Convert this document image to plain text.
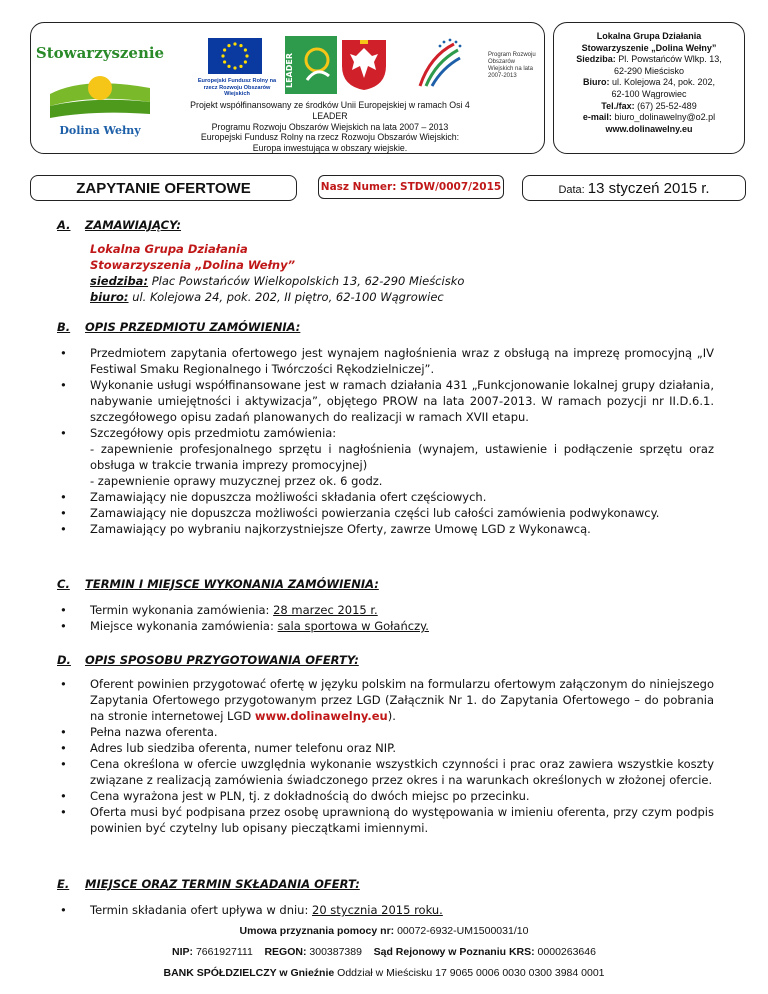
Stowarzyszenie
Dolina Wełny
Europejski Fundusz Rolny na rzecz Rozwoju Obszarów Wiejskich
LEADER	Program Rozwoju Obszarów Wiejskich na lata 2007-2013
Projekt współfinansowany ze środków Unii Europejskiej w ramach Osi 4 LEADER
Programu Rozwoju Obszarów Wiejskich na lata 2007 – 2013
Europejski Fundusz Rolny na rzecz Rozwoju Obszarów Wiejskich:
Europa inwestująca w obszary wiejskie.
Lokalna Grupa Działania
Stowarzyszenie „Dolina Wełny”
Siedziba: Pl. Powstańców Wlkp. 13,
62-290 Mieścisko
Biuro: ul. Kolejowa 24, pok. 202,
62-100 Wągrowiec
Tel./fax: (67) 25-52-489
e-mail: biuro_dolinawelny@o2.pl
www.dolinawelny.eu
ZAPYTANIE OFERTOWE	Nasz Numer: STDW/0007/2015	Data: 13 styczeń 2015 r.
A. ZAMAWIAJĄCY:
Lokalna Grupa Działania
Stowarzyszenia „Dolina Wełny”
siedziba: Plac Powstańców Wielkopolskich 13, 62-290 Mieścisko
biuro: ul. Kolejowa 24, pok. 202, II piętro, 62-100 Wągrowiec
B. OPIS PRZEDMIOTU ZAMÓWIENIA:
• Przedmiotem zapytania ofertowego jest wynajem nagłośnienia wraz z obsługą na imprezę promocyjną „IV Festiwal Smaku Regionalnego i Twórczości Rękodzielniczej”.
• Wykonanie usługi współfinansowane jest w ramach działania 431 „Funkcjonowanie lokalnej grupy działania, nabywanie umiejętności i aktywizacja”, objętego PROW na lata 2007-2013. W ramach pozycji nr II.D.6.1. szczegółowego opisu zadań planowanych do realizacji w ramach XVII etapu.
• Szczegółowy opis przedmiotu zamówienia:
- zapewnienie profesjonalnego sprzętu i nagłośnienia (wynajem, ustawienie i podłączenie sprzętu oraz obsługa w trakcie trwania imprezy promocyjnej)
- zapewnienie oprawy muzycznej przez ok. 6 godz.
• Zamawiający nie dopuszcza możliwości składania ofert częściowych.
• Zamawiający nie dopuszcza możliwości powierzania części lub całości zamówienia podwykonawcy.
• Zamawiający po wybraniu najkorzystniejsze Oferty, zawrze Umowę LGD z Wykonawcą.
C. TERMIN I MIEJSCE WYKONANIA ZAMÓWIENIA:
• Termin wykonania zamówienia: 28 marzec 2015 r.
• Miejsce wykonania zamówienia: sala sportowa w Gołańczy.
D. OPIS SPOSOBU PRZYGOTOWANIA OFERTY:
• Oferent powinien przygotować ofertę w języku polskim na formularzu ofertowym załączonym do niniejszego Zapytania Ofertowego przygotowanym przez LGD (Załącznik Nr 1. do Zapytania Ofertowego – do pobrania na stronie internetowej LGD www.dolinawelny.eu).
• Pełna nazwa oferenta.
• Adres lub siedziba oferenta, numer telefonu oraz NIP.
• Cena określona w ofercie uwzględnia wykonanie wszystkich czynności i prac oraz zawiera wszystkie koszty związane z realizacją zamówienia świadczonego przez okres i na warunkach określonych w złożonej ofercie.
• Cena wyrażona jest w PLN, tj. z dokładnością do dwóch miejsc po przecinku.
• Oferta musi być podpisana przez osobę uprawnioną do występowania w imieniu oferenta, przy czym podpis powinien być czytelny lub opisany pieczątkami imiennymi.
E. MIEJSCE ORAZ TERMIN SKŁADANIA OFERT:
• Termin składania ofert upływa w dniu: 20 stycznia 2015 roku.
Umowa przyznania pomocy nr: 00072-6932-UM1500031/10
NIP: 7661927111 REGON: 300387389 Sąd Rejonowy w Poznaniu KRS: 0000263646
BANK SPÓŁDZIELCZY w Gnieźnie Oddział w Mieścisku 17 9065 0006 0030 0300 3984 0001
